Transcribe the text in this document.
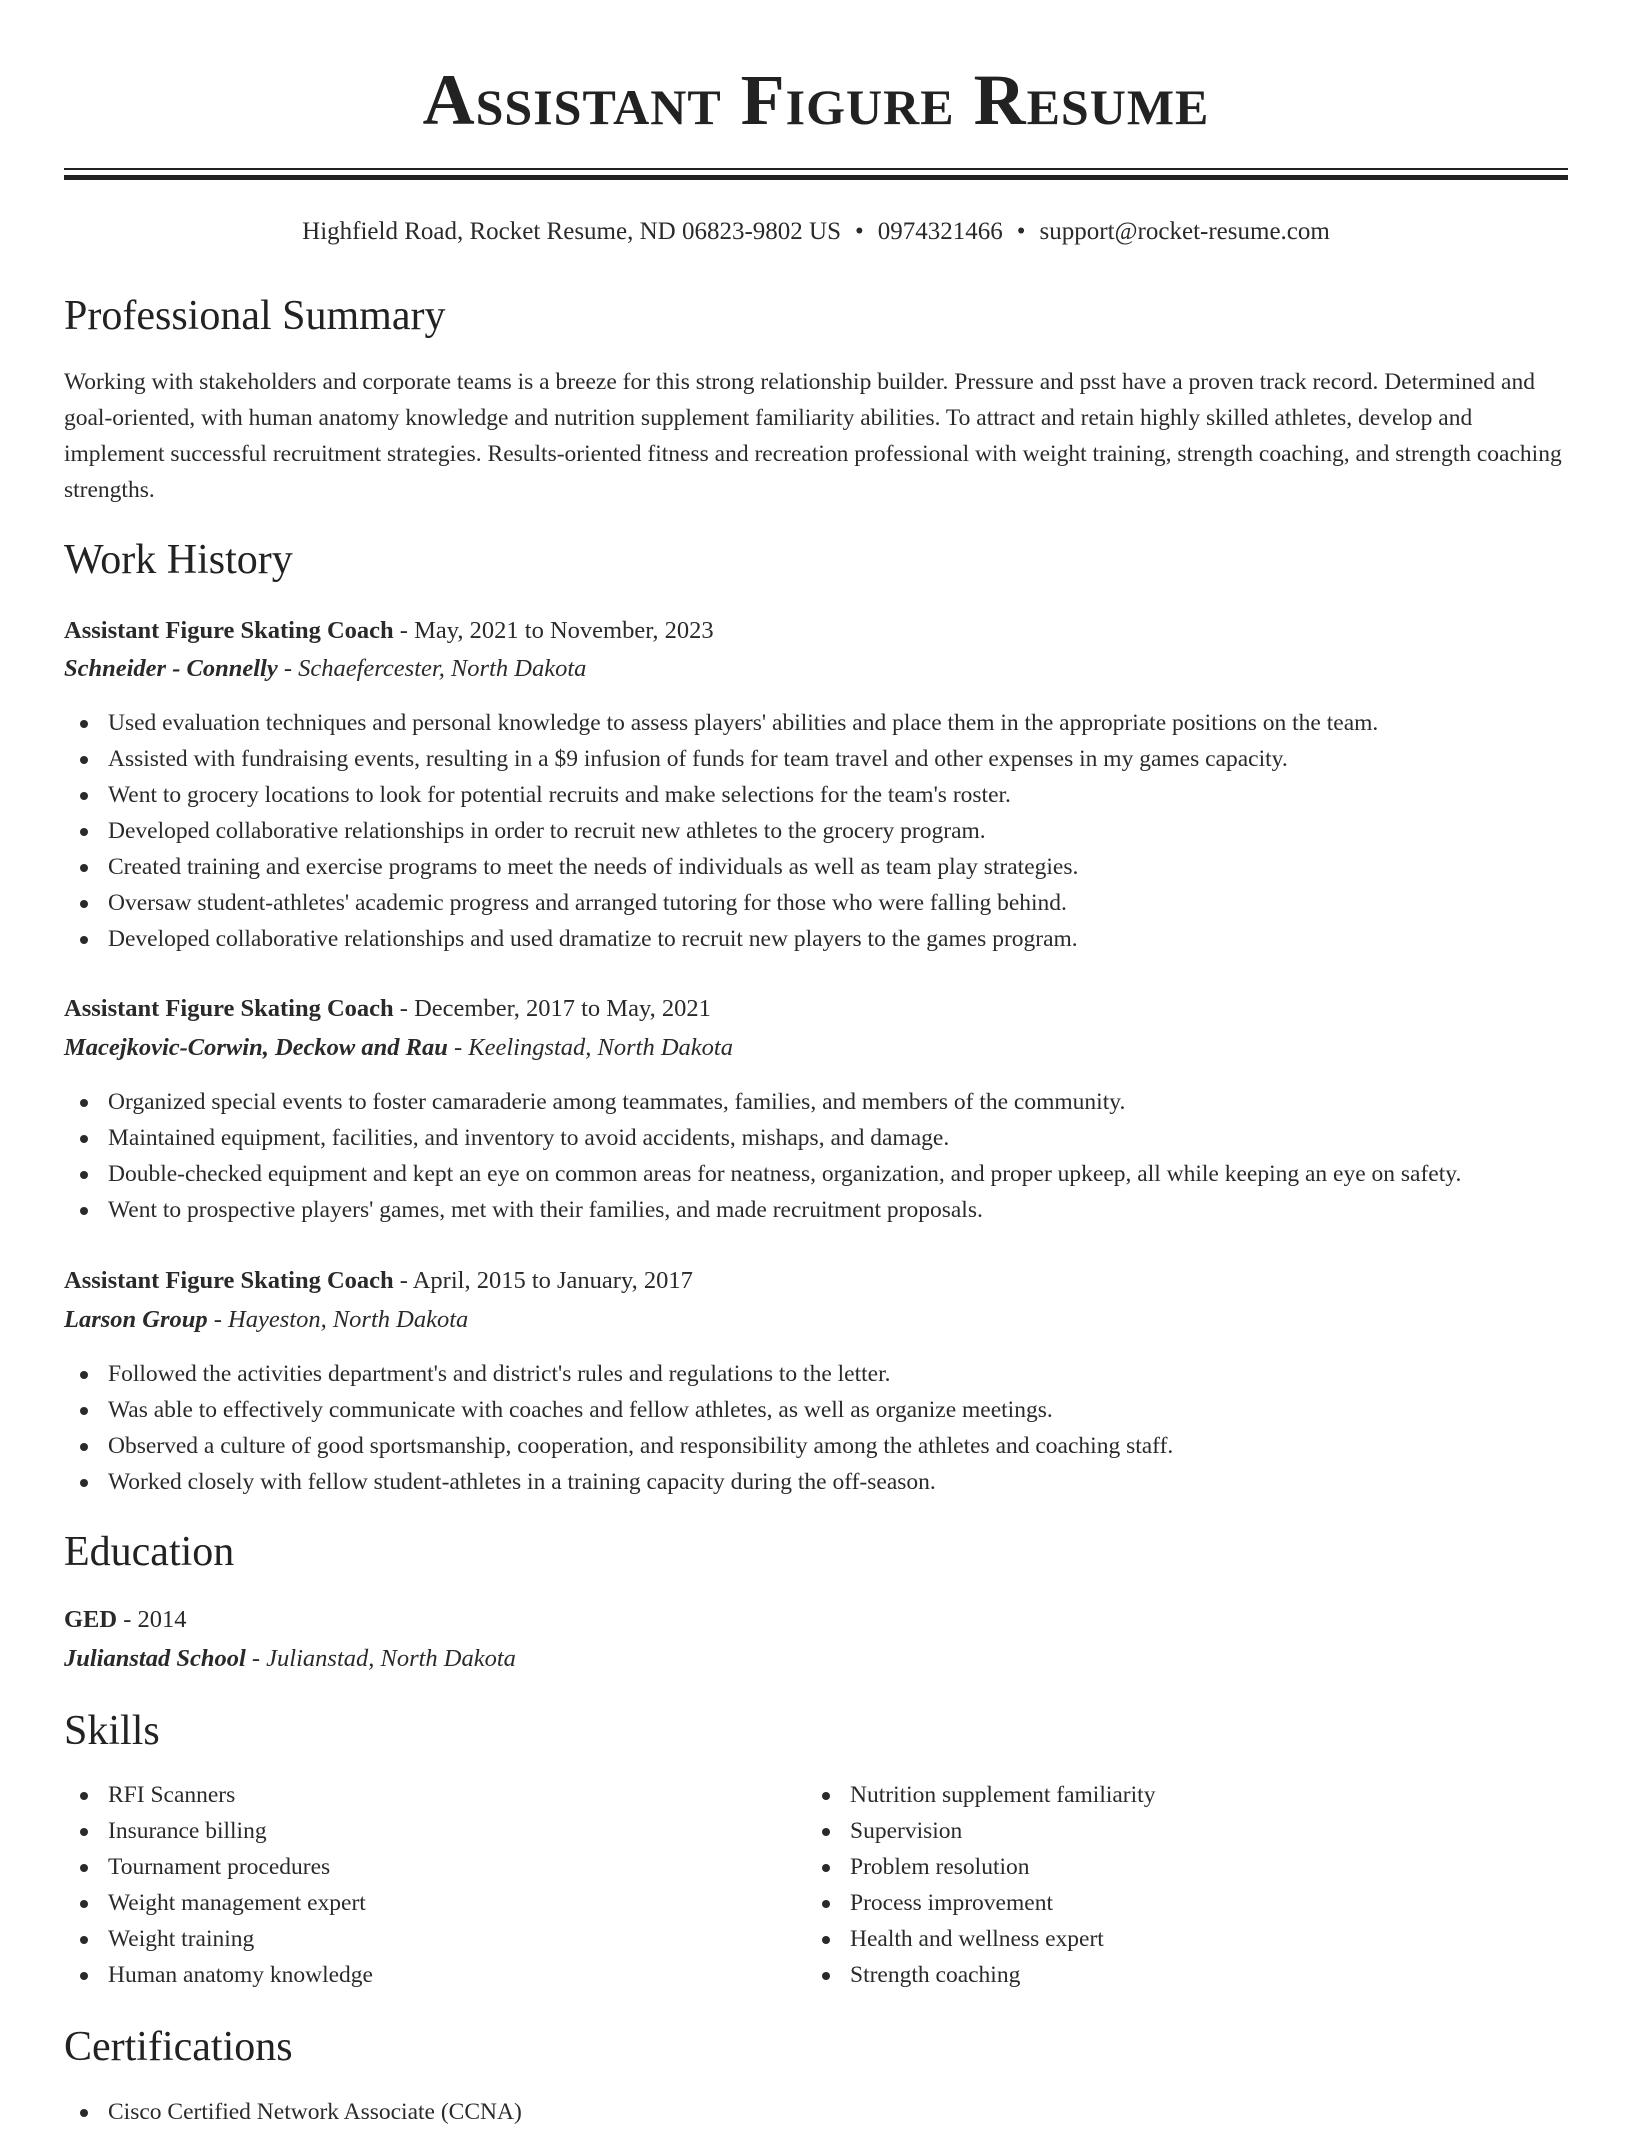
Assistant Figure Resume
Highfield Road, Rocket Resume, ND 06823-9802 US • 0974321466 • support@rocket-resume.com
Professional Summary
Working with stakeholders and corporate teams is a breeze for this strong relationship builder. Pressure and psst have a proven track record. Determined and goal-oriented, with human anatomy knowledge and nutrition supplement familiarity abilities. To attract and retain highly skilled athletes, develop and implement successful recruitment strategies. Results-oriented fitness and recreation professional with weight training, strength coaching, and strength coaching strengths.
Work History
Assistant Figure Skating Coach - May, 2021 to November, 2023
Schneider - Connelly - Schaefercester, North Dakota
Used evaluation techniques and personal knowledge to assess players' abilities and place them in the appropriate positions on the team.
Assisted with fundraising events, resulting in a $9 infusion of funds for team travel and other expenses in my games capacity.
Went to grocery locations to look for potential recruits and make selections for the team's roster.
Developed collaborative relationships in order to recruit new athletes to the grocery program.
Created training and exercise programs to meet the needs of individuals as well as team play strategies.
Oversaw student-athletes' academic progress and arranged tutoring for those who were falling behind.
Developed collaborative relationships and used dramatize to recruit new players to the games program.
Assistant Figure Skating Coach - December, 2017 to May, 2021
Macejkovic-Corwin, Deckow and Rau - Keelingstad, North Dakota
Organized special events to foster camaraderie among teammates, families, and members of the community.
Maintained equipment, facilities, and inventory to avoid accidents, mishaps, and damage.
Double-checked equipment and kept an eye on common areas for neatness, organization, and proper upkeep, all while keeping an eye on safety.
Went to prospective players' games, met with their families, and made recruitment proposals.
Assistant Figure Skating Coach - April, 2015 to January, 2017
Larson Group - Hayeston, North Dakota
Followed the activities department's and district's rules and regulations to the letter.
Was able to effectively communicate with coaches and fellow athletes, as well as organize meetings.
Observed a culture of good sportsmanship, cooperation, and responsibility among the athletes and coaching staff.
Worked closely with fellow student-athletes in a training capacity during the off-season.
Education
GED - 2014
Julianstad School - Julianstad, North Dakota
Skills
RFI Scanners
Insurance billing
Tournament procedures
Weight management expert
Weight training
Human anatomy knowledge
Nutrition supplement familiarity
Supervision
Problem resolution
Process improvement
Health and wellness expert
Strength coaching
Certifications
Cisco Certified Network Associate (CCNA)
